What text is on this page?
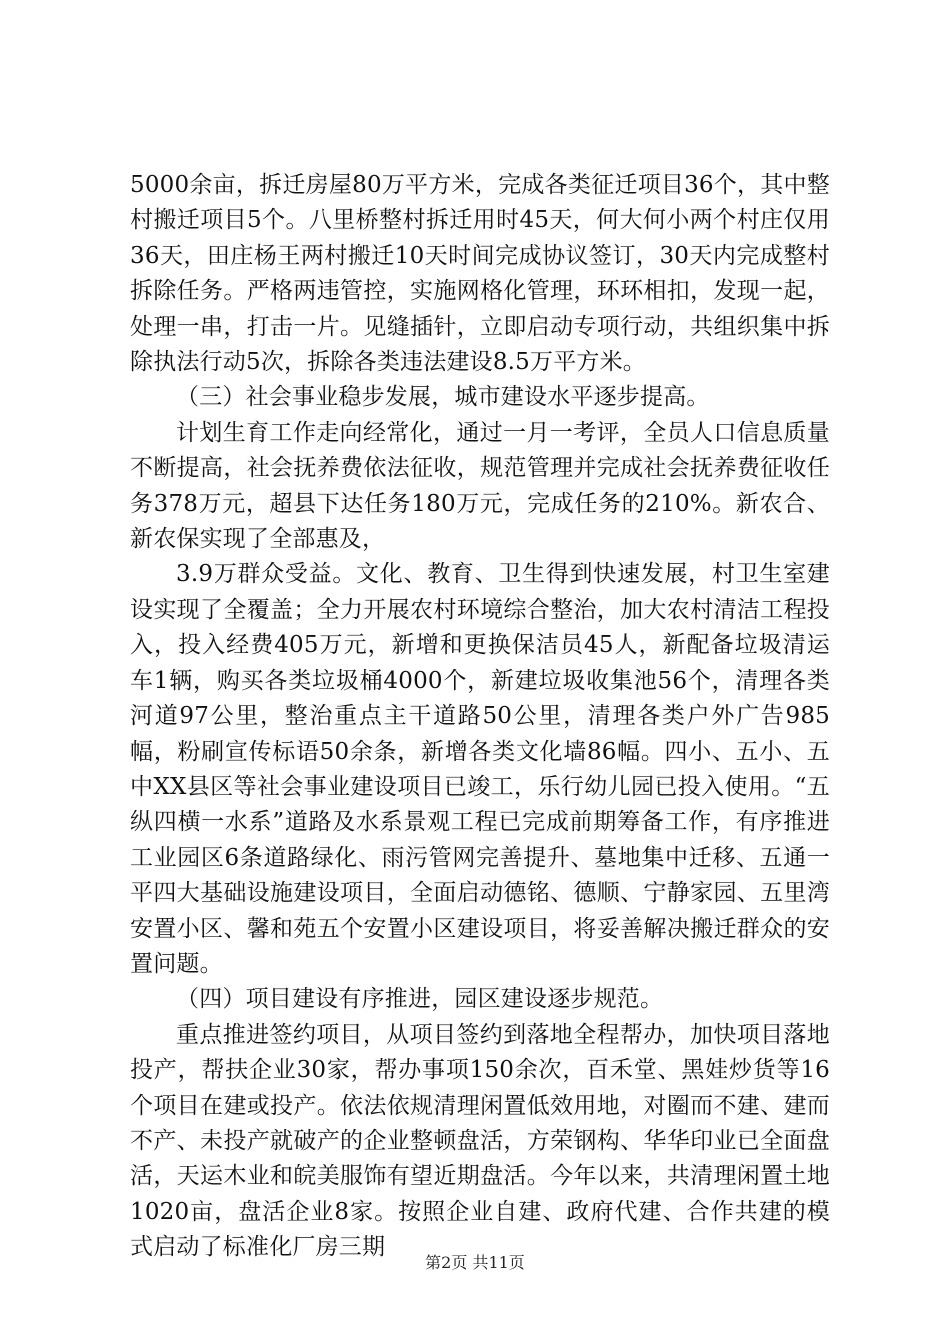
5000余亩，拆迁房屋80万平方米，完成各类征迁项目36个，其中整村搬迁项目5个。八里桥整村拆迁用时45天，何大何小两个村庄仅用36天，田庄杨王两村搬迁10天时间完成协议签订，30天内完成整村拆除任务。严格两违管控，实施网格化管理，环环相扣，发现一起，处理一串，打击一片。见缝插针，立即启动专项行动，共组织集中拆除执法行动5次，拆除各类违法建设8.5万平方米。

（三）社会事业稳步发展，城市建设水平逐步提高。

计划生育工作走向经常化，通过一月一考评，全员人口信息质量不断提高，社会抚养费依法征收，规范管理并完成社会抚养费征收任务378万元，超县下达任务180万元，完成任务的210%。新农合、新农保实现了全部惠及，

3.9万群众受益。文化、教育、卫生得到快速发展，村卫生室建设实现了全覆盖；全力开展农村环境综合整治，加大农村清洁工程投入，投入经费405万元，新增和更换保洁员45人，新配备垃圾清运车1辆，购买各类垃圾桶4000个，新建垃圾收集池56个，清理各类河道97公里，整治重点主干道路50公里，清理各类户外广告985幅，粉刷宣传标语50余条，新增各类文化墙86幅。四小、五小、五中XX县区等社会事业建设项目已竣工，乐行幼儿园已投入使用。“五纵四横一水系”道路及水系景观工程已完成前期筹备工作，有序推进工业园区6条道路绿化、雨污管网完善提升、墓地集中迁移、五通一平四大基础设施建设项目，全面启动德铭、德顺、宁静家园、五里湾安置小区、馨和苑五个安置小区建设项目，将妥善解决搬迁群众的安置问题。

（四）项目建设有序推进，园区建设逐步规范。

重点推进签约项目，从项目签约到落地全程帮办，加快项目落地投产，帮扶企业30家，帮办事项150余次，百禾堂、黑娃炒货等16个项目在建或投产。依法依规清理闲置低效用地，对圈而不建、建而不产、未投产就破产的企业整顿盘活，方荣钢构、华华印业已全面盘活，天运木业和皖美服饰有望近期盘活。今年以来，共清理闲置土地1020亩，盘活企业8家。按照企业自建、政府代建、合作共建的模式启动了标准化厂房三期

第2页 共11页
